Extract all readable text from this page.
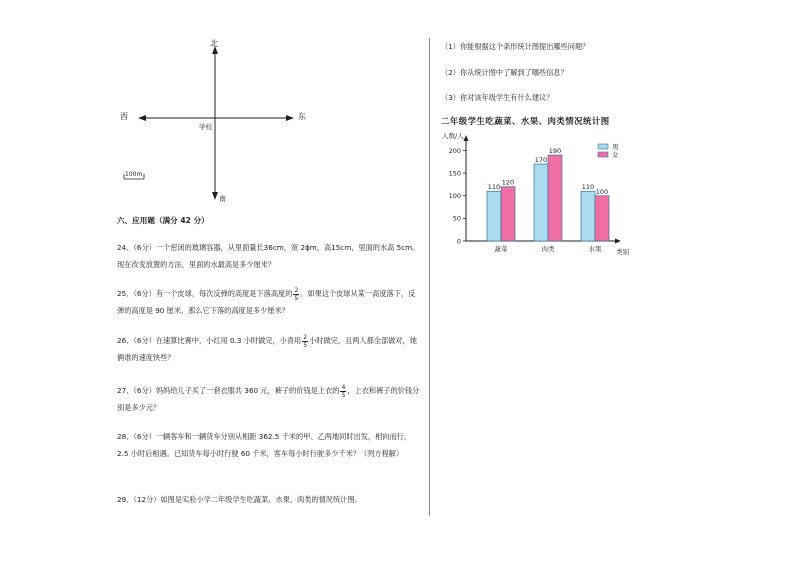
北
南
西	东
学校
100m
六、应用题（满分 42 分）
24、（6分）一个密闭的玻璃容器，从里面量长36cm，宽 2ϕm，高15cm，里面的水高 5cm。现在改变放置的方法，里面的水最高是多少厘米？
25、（6分）有一个皮球，每次反弹的高度是下落高度的 $\frac{2}{5}$ 。如果这个皮球从某一高度落下，反弹的高度是 90 厘米，那么它下落的高度是多少厘米？
26、（6分）在速算比赛中，小红用 0.3 小时做完，小青用 $\frac{2}{5}$ 小时做完，且两人都全部做对，她俩谁的速度快些？
27、（6分）妈妈给儿子买了一套衣服共 360 元，裤子的价钱是上衣的 $\frac{4}{5}$ ，上衣和裤子的价钱分别是多少元？
28、（6分）一辆客车和一辆货车分别从相距 362.5 千米的甲、乙两地同时出发，相向而行，2.5 小时后相遇。已知货车每小时行驶 60 千米，客车每小时行驶多少千米？（列方程解）
29、（12分）如图是实验小学二年级学生吃蔬菜、水果、肉类的情况统计图。
（1）你能根据这个条形统计图提出哪些问题？
（2）你从统计图中了解到了哪些信息？
（3）你对该年级学生有什么建议？
二年级学生吃蔬菜、水果、肉类情况统计图
人数/人
类别
0
50
100
150
200
110
120
蔬菜
170
190
肉类
110
100
水果
男
女
